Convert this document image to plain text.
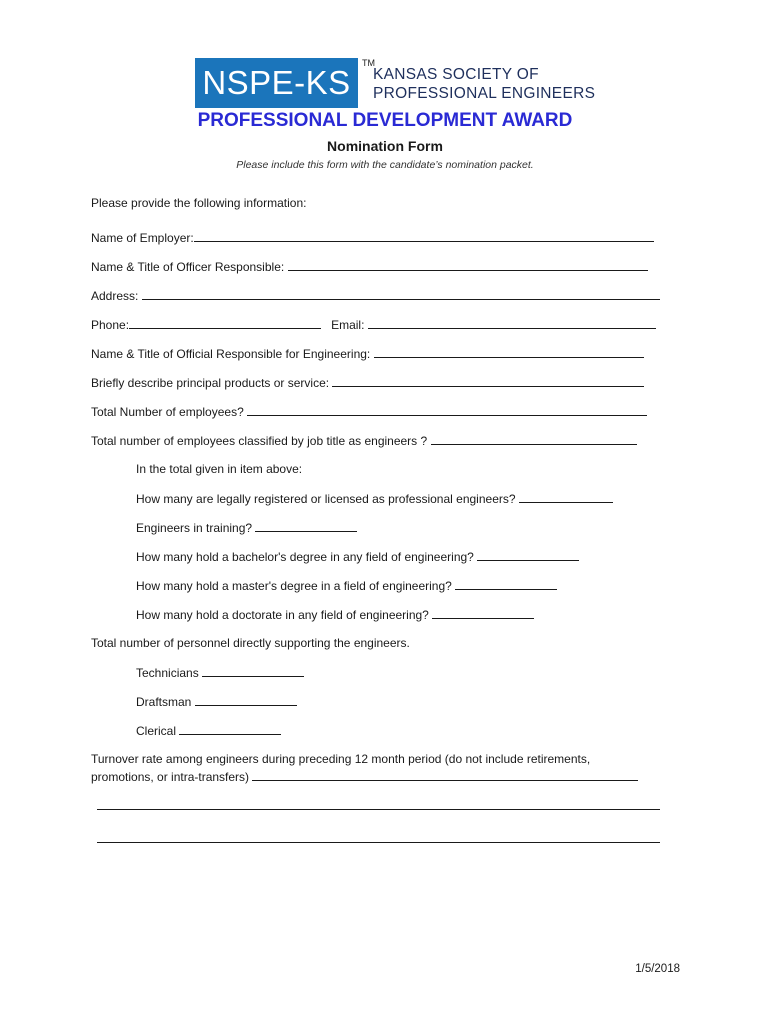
NSPE-KS
TM
KANSAS SOCIETY OF
PROFESSIONAL ENGINEERS
PROFESSIONAL DEVELOPMENT AWARD
Nomination Form
Please include this form with the candidate’s nomination packet.
Please provide the following information:
Name of Employer:
Name & Title of Officer Responsible:
Address:
Phone:	Email:
Name & Title of Official Responsible for Engineering:
Briefly describe principal products or service:
Total Number of employees?
Total number of employees classified by job title as engineers ?
In the total given in item above:
How many are legally registered or licensed as professional engineers?
Engineers in training?
How many hold a bachelor's degree in any field of engineering?
How many hold a master's degree in a field of engineering?
How many hold a doctorate in any field of engineering?
Total number of personnel directly supporting the engineers.
Technicians
Draftsman
Clerical
Turnover rate among engineers during preceding 12 month period (do not include retirements,
promotions, or intra-transfers)
1/5/2018
